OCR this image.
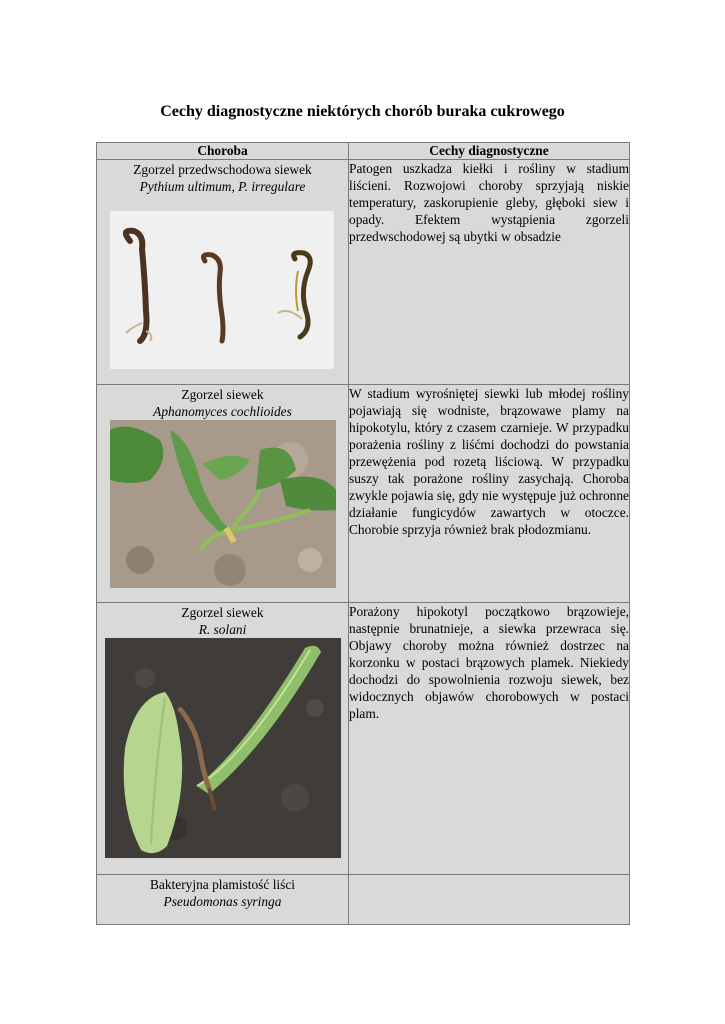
Cechy diagnostyczne niektórych chorób buraka cukrowego
Choroba	Cechy diagnostyczne

Zgorzel przedwschodowa siewek
Pythium ultimum, P. irregulare	Patogen uszkadza kiełki i rośliny w stadium liścieni. Rozwojowi choroby sprzyjają niskie temperatury, zaskorupienie gleby, głęboki siew i opady. Efektem wystąpienia zgorzeli przedwschodowej są ubytki w obsadzie

Zgorzel siewek
Aphanomyces cochlioides	W stadium wyrośniętej siewki lub młodej rośliny pojawiają się wodniste, brązowawe plamy na hipokotylu, który z czasem czarnieje. W przypadku porażenia rośliny z liśćmi dochodzi do powstania przewężenia pod rozetą liściową. W przypadku suszy tak porażone rośliny zasychają. Choroba zwykle pojawia się, gdy nie występuje już ochronne działanie fungicydów zawartych w otoczce. Chorobie sprzyja również brak płodozmianu.

Zgorzel siewek
R. solani	Porażony hipokotyl początkowo brązowieje, następnie brunatnieje, a siewka przewraca się. Objawy choroby można również dostrzec na korzonku w postaci brązowych plamek. Niekiedy dochodzi do spowolnienia rozwoju siewek, bez widocznych objawów chorobowych w postaci plam.

Bakteryjna plamistość liści
Pseudomonas syringa	
